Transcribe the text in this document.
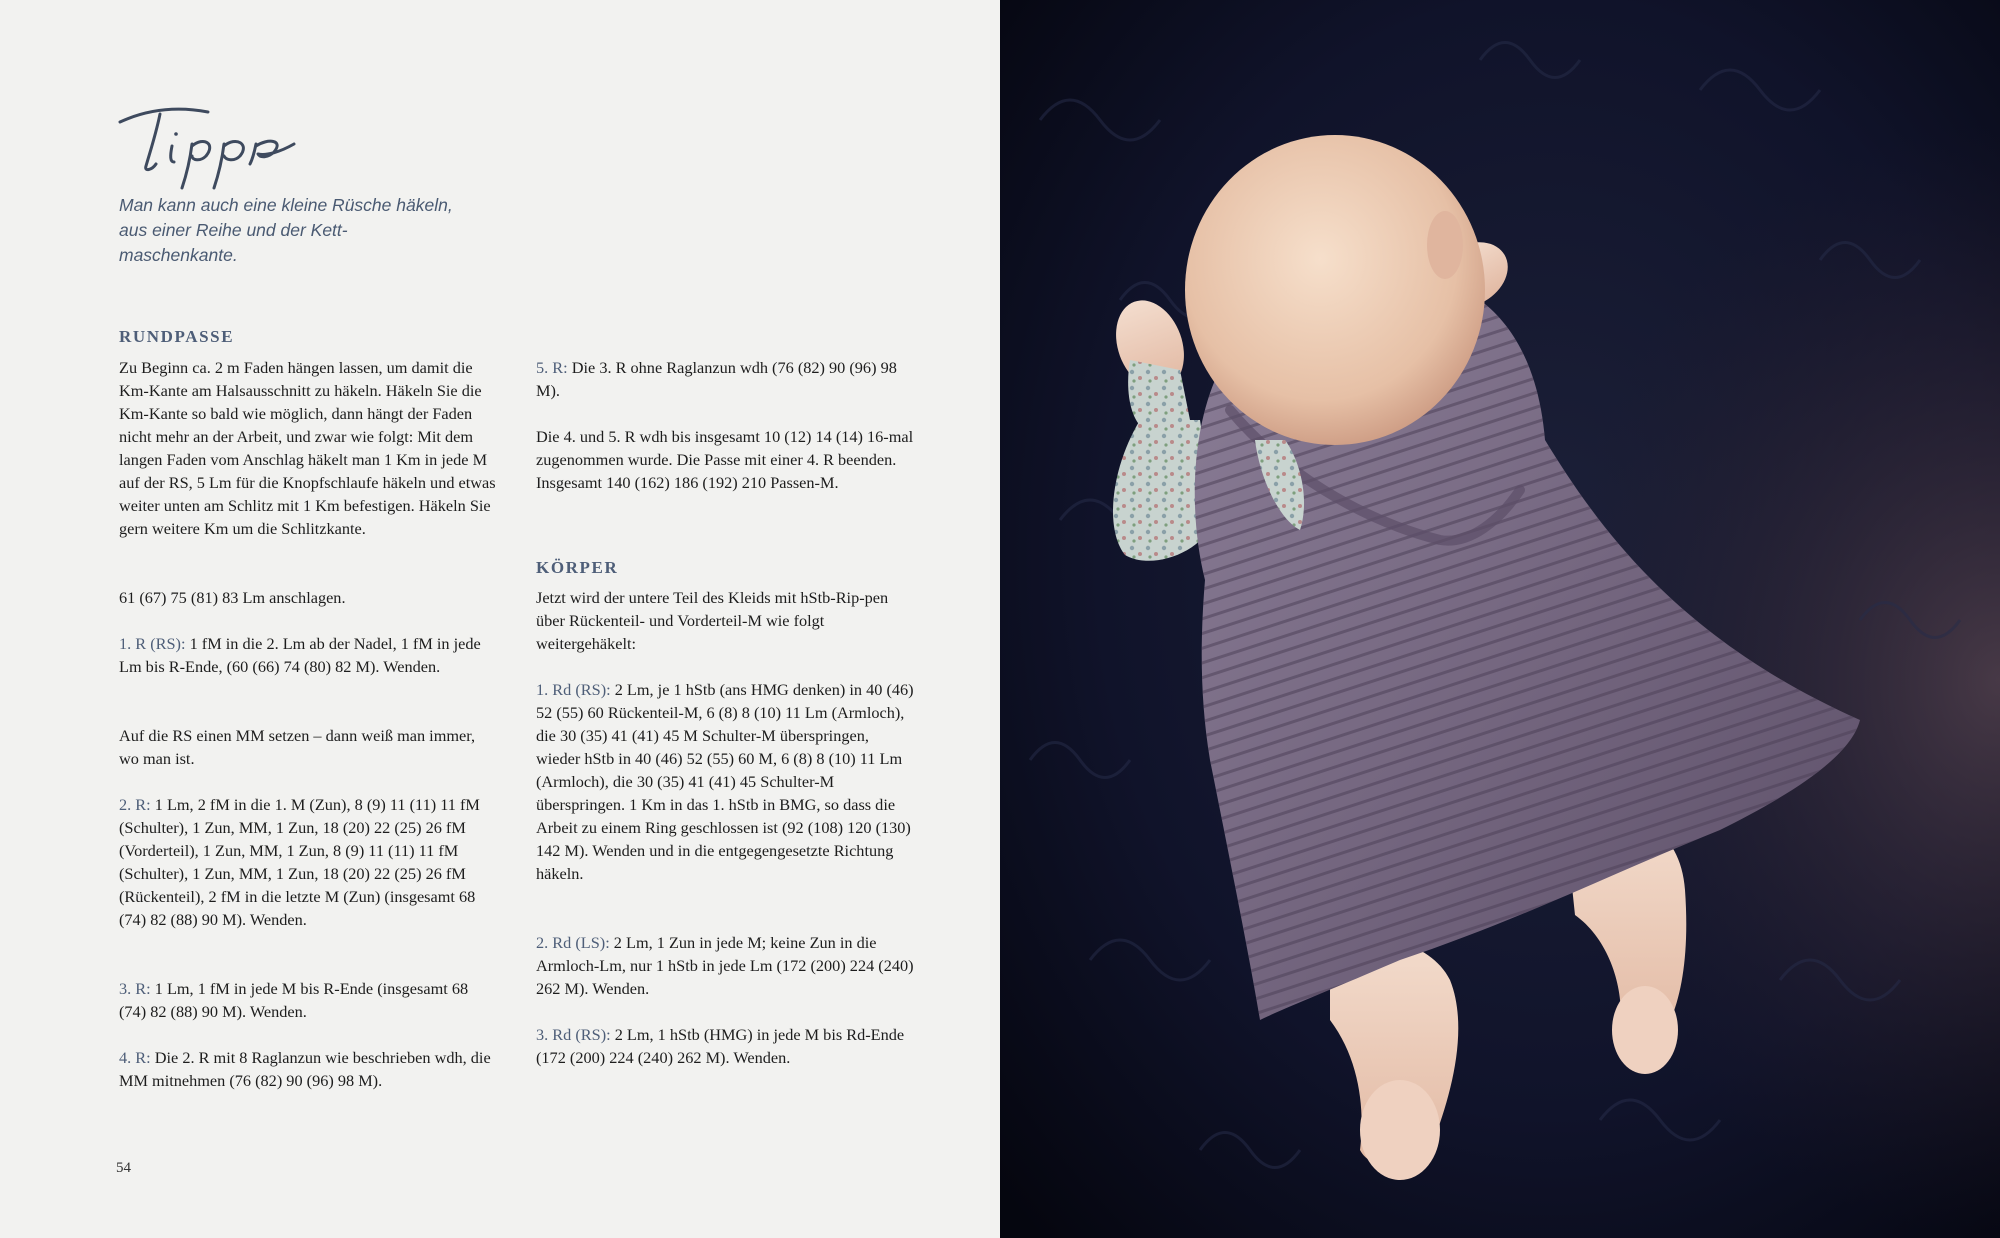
Man kann auch eine kleine Rüsche häkeln, aus einer Reihe und der Kett-maschenkante.

RUNDPASSE

Zu Beginn ca. 2 m Faden hängen lassen, um damit die Km-Kante am Halsausschnitt zu häkeln. Häkeln Sie die Km-Kante so bald wie möglich, dann hängt der Faden nicht mehr an der Arbeit, und zwar wie folgt: Mit dem langen Faden vom Anschlag häkelt man 1 Km in jede M auf der RS, 5 Lm für die Knopfschlaufe häkeln und etwas weiter unten am Schlitz mit 1 Km befestigen. Häkeln Sie gern weitere Km um die Schlitzkante.

61 (67) 75 (81) 83 Lm anschlagen.

1. R (RS): 1 fM in die 2. Lm ab der Nadel, 1 fM in jede Lm bis R-Ende, (60 (66) 74 (80) 82 M). Wenden.

Auf die RS einen MM setzen – dann weiß man immer, wo man ist.

2. R: 1 Lm, 2 fM in die 1. M (Zun), 8 (9) 11 (11) 11 fM (Schulter), 1 Zun, MM, 1 Zun, 18 (20) 22 (25) 26 fM (Vorderteil), 1 Zun, MM, 1 Zun, 8 (9) 11 (11) 11 fM (Schulter), 1 Zun, MM, 1 Zun, 18 (20) 22 (25) 26 fM (Rückenteil), 2 fM in die letzte M (Zun) (insgesamt 68 (74) 82 (88) 90 M). Wenden.

3. R: 1 Lm, 1 fM in jede M bis R-Ende (insgesamt 68 (74) 82 (88) 90 M). Wenden.

4. R: Die 2. R mit 8 Raglanzun wie beschrieben wdh, die MM mitnehmen (76 (82) 90 (96) 98 M).

5. R: Die 3. R ohne Raglanzun wdh (76 (82) 90 (96) 98 M).

Die 4. und 5. R wdh bis insgesamt 10 (12) 14 (14) 16-mal zugenommen wurde. Die Passe mit einer 4. R beenden. Insgesamt 140 (162) 186 (192) 210 Passen-M.

KÖRPER

Jetzt wird der untere Teil des Kleids mit hStb-Rip-pen über Rückenteil- und Vorderteil-M wie folgt weitergehäkelt:

1. Rd (RS): 2 Lm, je 1 hStb (ans HMG denken) in 40 (46) 52 (55) 60 Rückenteil-M, 6 (8) 8 (10) 11 Lm (Armloch), die 30 (35) 41 (41) 45 M Schulter-M überspringen, wieder hStb in 40 (46) 52 (55) 60 M, 6 (8) 8 (10) 11 Lm (Armloch), die 30 (35) 41 (41) 45 Schulter-M überspringen. 1 Km in das 1. hStb in BMG, so dass die Arbeit zu einem Ring geschlossen ist (92 (108) 120 (130) 142 M). Wenden und in die entgegengesetzte Richtung häkeln.

2. Rd (LS): 2 Lm, 1 Zun in jede M; keine Zun in die Armloch-Lm, nur 1 hStb in jede Lm (172 (200) 224 (240) 262 M). Wenden.

3. Rd (RS): 2 Lm, 1 hStb (HMG) in jede M bis Rd-Ende (172 (200) 224 (240) 262 M). Wenden.

54
